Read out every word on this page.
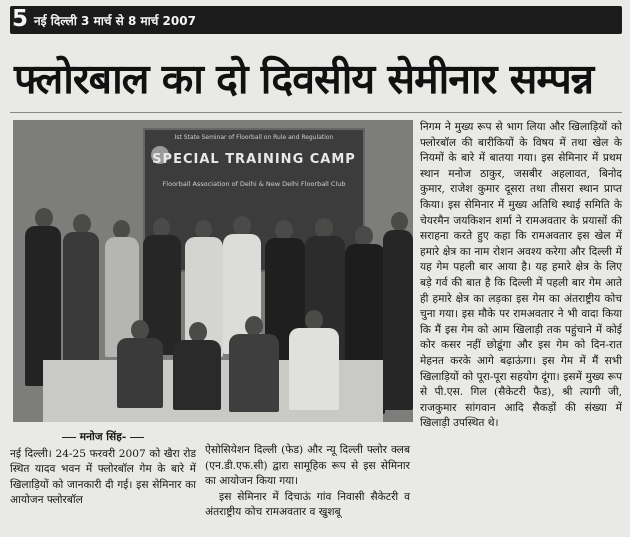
5 नई दिल्ली 3 मार्च से 8 मार्च 2007
फ्लोरबाल का दो दिवसीय सेमीनार सम्पन्न
Ist State Seminar of Floorball on Rule and Regulation
SPECIAL TRAINING CAMP
Floorball Association of Delhi & New Delhi Floorball Club

निगम ने मुख्य रूप से भाग लिया और खिलाड़ियों को फ्लोरबॉल की बारीकियों के विषय में तथा खेल के नियमों के बारे में बातया गया। इस सेमिनार में प्रथम स्थान मनोज ठाकुर, जसबीर अहलावत, बिनोद कुमार, राजेश कुमार दूसरा तथा तीसरा स्थान प्राप्त किया। इस सेमिनार में मुख्य अतिथि स्थाई समिति के चेयरमैन जयकिशन शर्मा ने रामअवतार के प्रयासों की सराहना करते हुए कहा कि रामअवतार इस खेल में हमारे क्षेत्र का नाम रोशन अवश्य करेगा और दिल्ली में यह गेम पहली बार आया है। यह हमारे क्षेत्र के लिए बड़े गर्व की बात है कि दिल्ली में पहली बार गेम आते ही हमारे क्षेत्र का लड़का इस गेम का अंतराष्ट्रीय कोच चुना गया। इस मौके पर रामअवतार ने भी वादा किया कि मैं इस गेम को आम खिलाड़ी तक पहुंचाने में कोई कोर कसर नहीं छोडूंगा और इस गेम को दिन-रात मेहनत करके आगे बढ़ाऊंगा। इस गेम में मैं सभी खिलाड़ियों को पूरा-पूरा सहयोग दूंगा। इसमें मुख्य रूप से पी.एस. गिल (सैकेटरी फैड), श्री त्यागी जी, राजकुमार सांगवान आदि सैकड़ों की संख्या में खिलाड़ी उपस्थित थे।

मनोज सिंह-

नई दिल्ली। 24-25 फरवरी 2007 को खैरा रोड स्थित यादव भवन में फ्लोरबॉल गेम के बारे में खिलाड़ियों को जानकारी दी गई। इस सेमिनार का आयोजन फ्लोरबॉल

ऐसोसियेशन दिल्ली (फेड) और न्यू दिल्ली फ्लोर क्लब (एन.डी.एफ.सी) द्वारा सामूहिक रूप से इस सेमिनार का आयोजन किया गया।

इस सेमिनार में दिचाऊं गांव निवासी सैकेटरी व अंतराष्ट्रीय कोच रामअवतार व खुशबू
